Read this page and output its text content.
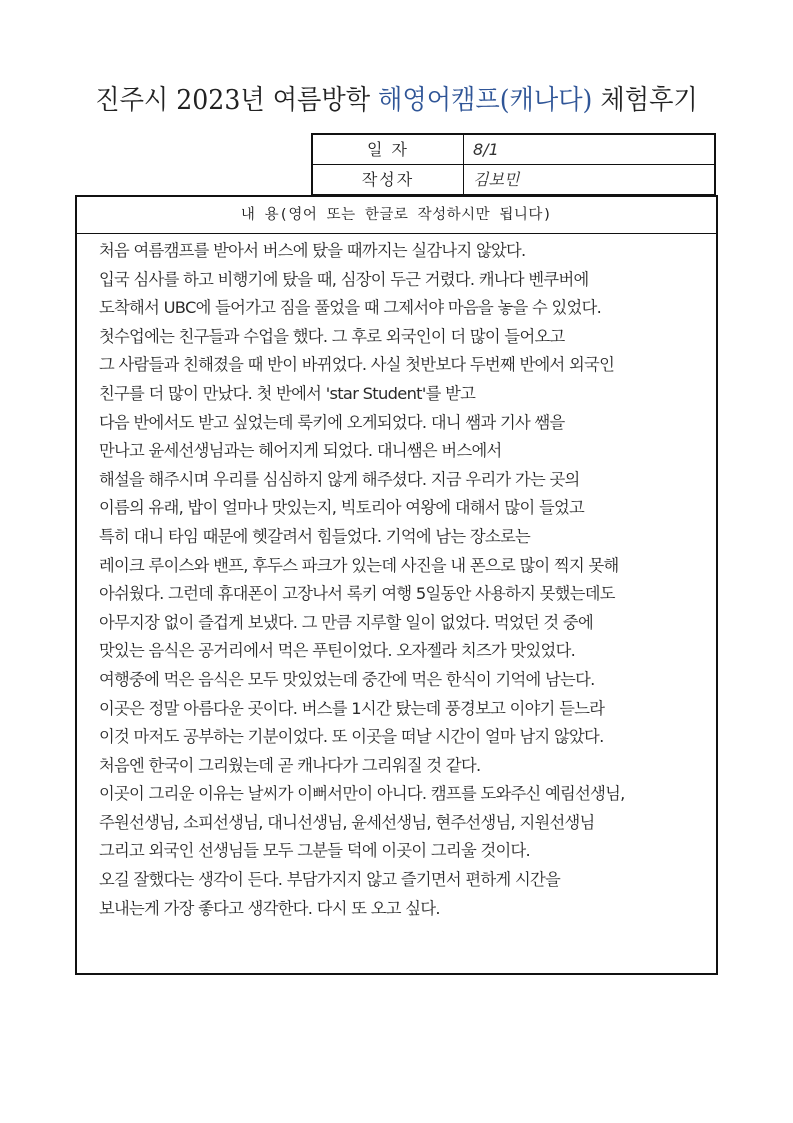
진주시 2023년 여름방학 해영어캠프(캐나다) 체험후기
일 자	8/1
작성자	김보민
내 용(영어 또는 한글로 작성하시만 됩니다)
처음 여름캠프를 받아서 버스에 탔을 때까지는 실감나지 않았다.
입국 심사를 하고 비행기에 탔을 때, 심장이 두근 거렸다. 캐나다 벤쿠버에
도착해서 UBC에 들어가고 짐을 풀었을 때 그제서야 마음을 놓을 수 있었다.
첫수업에는 친구들과 수업을 했다. 그 후로 외국인이 더 많이 들어오고
그 사람들과 친해졌을 때 반이 바뀌었다. 사실 첫반보다 두번째 반에서 외국인
친구를 더 많이 만났다. 첫 반에서 'star Student'를 받고
다음 반에서도 받고 싶었는데 룩키에 오게되었다. 대니 쌤과 기사 쌤을
만나고 윤세선생님과는 헤어지게 되었다. 대니쌤은 버스에서
해설을 해주시며 우리를 심심하지 않게 해주셨다. 지금 우리가 가는 곳의
이름의 유래, 밥이 얼마나 맛있는지, 빅토리아 여왕에 대해서 많이 들었고
특히 대니 타임 때문에 헷갈려서 힘들었다. 기억에 남는 장소로는
레이크 루이스와 밴프, 후두스 파크가 있는데 사진을 내 폰으로 많이 찍지 못해
아쉬웠다. 그런데 휴대폰이 고장나서 록키 여행 5일동안 사용하지 못했는데도
아무지장 없이 즐겁게 보냈다. 그 만큼 지루할 일이 없었다. 먹었던 것 중에
맛있는 음식은 공거리에서 먹은 푸틴이었다. 오자젤라 치즈가 맛있었다.
여행중에 먹은 음식은 모두 맛있었는데 중간에 먹은 한식이 기억에 남는다.
이곳은 정말 아름다운 곳이다. 버스를 1시간 탔는데 풍경보고 이야기 듣느라
이것 마저도 공부하는 기분이었다. 또 이곳을 떠날 시간이 얼마 남지 않았다.
처음엔 한국이 그리웠는데 곧 캐나다가 그리워질 것 같다.
이곳이 그리운 이유는 날씨가 이뻐서만이 아니다. 캠프를 도와주신 예림선생님,
주원선생님, 소피선생님, 대니선생님, 윤세선생님, 현주선생님, 지원선생님
그리고 외국인 선생님들 모두 그분들 덕에 이곳이 그리울 것이다.
오길 잘했다는 생각이 든다. 부담가지지 않고 즐기면서 편하게 시간을
보내는게 가장 좋다고 생각한다. 다시 또 오고 싶다.
